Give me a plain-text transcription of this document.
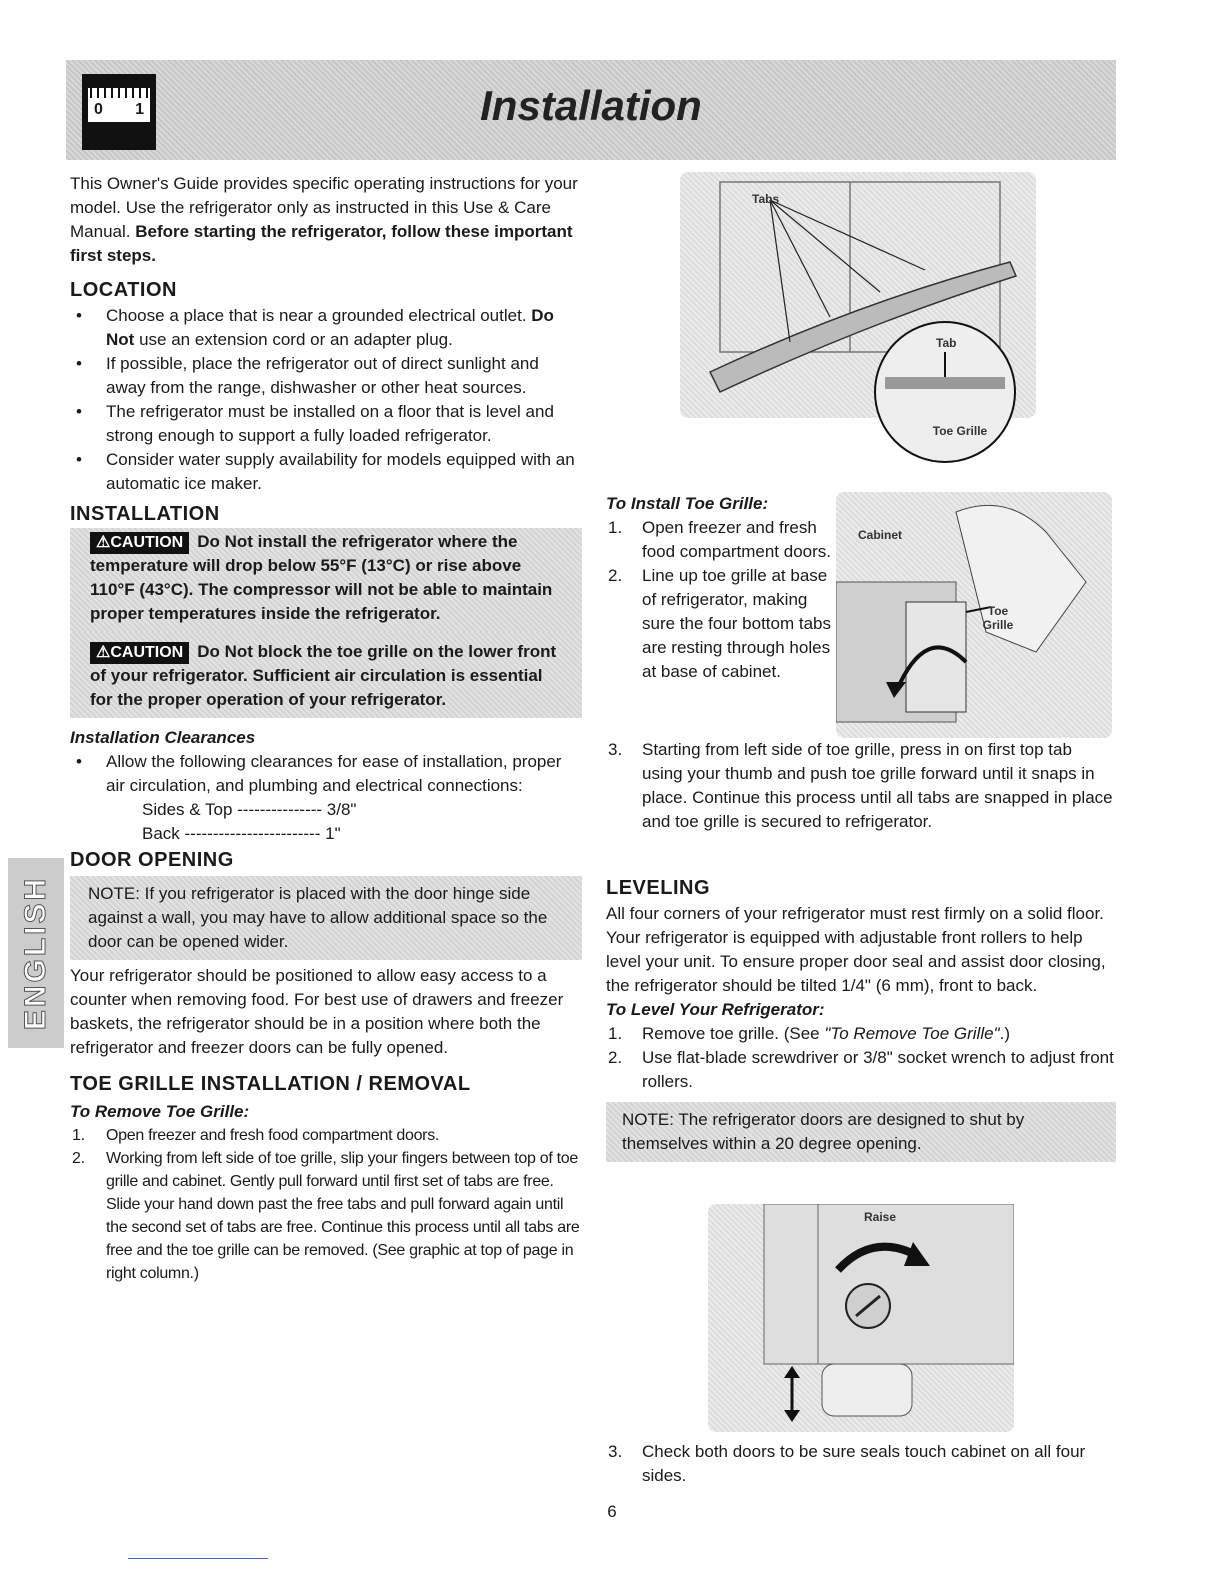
Installation
0 1
ENGLISH

This Owner's Guide provides specific operating instructions for your model. Use the refrigerator only as instructed in this Use & Care Manual. Before starting the refrigerator, follow these important first steps.

LOCATION
• Choose a place that is near a grounded electrical outlet. Do Not use an extension cord or an adapter plug.
• If possible, place the refrigerator out of direct sunlight and away from the range, dishwasher or other heat sources.
• The refrigerator must be installed on a floor that is level and strong enough to support a fully loaded refrigerator.
• Consider water supply availability for models equipped with an automatic ice maker.
INSTALLATION
⚠CAUTION Do Not install the refrigerator where the temperature will drop below 55°F (13°C) or rise above 110°F (43°C). The compressor will not be able to maintain proper temperatures inside the refrigerator.
⚠CAUTION Do Not block the toe grille on the lower front of your refrigerator. Sufficient air circulation is essential for the proper operation of your refrigerator.
Installation Clearances
• Allow the following clearances for ease of installation, proper air circulation, and plumbing and electrical connections:
Sides & Top --------------- 3/8"
Back ------------------------ 1"
DOOR OPENING
NOTE: If you refrigerator is placed with the door hinge side against a wall, you may have to allow additional space so the door can be opened wider.

Your refrigerator should be positioned to allow easy access to a counter when removing food. For best use of drawers and freezer baskets, the refrigerator should be in a position where both the refrigerator and freezer doors can be fully opened.

TOE GRILLE INSTALLATION / REMOVAL
To Remove Toe Grille:
1. Open freezer and fresh food compartment doors.
2. Working from left side of toe grille, slip your fingers between top of toe grille and cabinet. Gently pull forward until first set of tabs are free. Slide your hand down past the free tabs and pull forward again until the second set of tabs are free. Continue this process until all tabs are free and the toe grille can be removed. (See graphic at top of page in right column.)
Tabs
Tab
Toe Grille
To Install Toe Grille:
1. Open freezer and fresh food compartment doors.
2. Line up toe grille at base of refrigerator, making sure the four bottom tabs are resting through holes at base of cabinet.
3. Starting from left side of toe grille, press in on first top tab using your thumb and push toe grille forward until it snaps in place. Continue this process until all tabs are snapped in place and toe grille is secured to refrigerator.
Cabinet
Toe Grille
LEVELING

All four corners of your refrigerator must rest firmly on a solid floor. Your refrigerator is equipped with adjustable front rollers to help level your unit. To ensure proper door seal and assist door closing, the refrigerator should be tilted 1/4" (6 mm), front to back.

To Level Your Refrigerator:
1. Remove toe grille. (See "To Remove Toe Grille".)
2. Use flat-blade screwdriver or 3/8" socket wrench to adjust front rollers.
NOTE: The refrigerator doors are designed to shut by themselves within a 20 degree opening.
Raise
3. Check both doors to be sure seals touch cabinet on all four sides.
6
